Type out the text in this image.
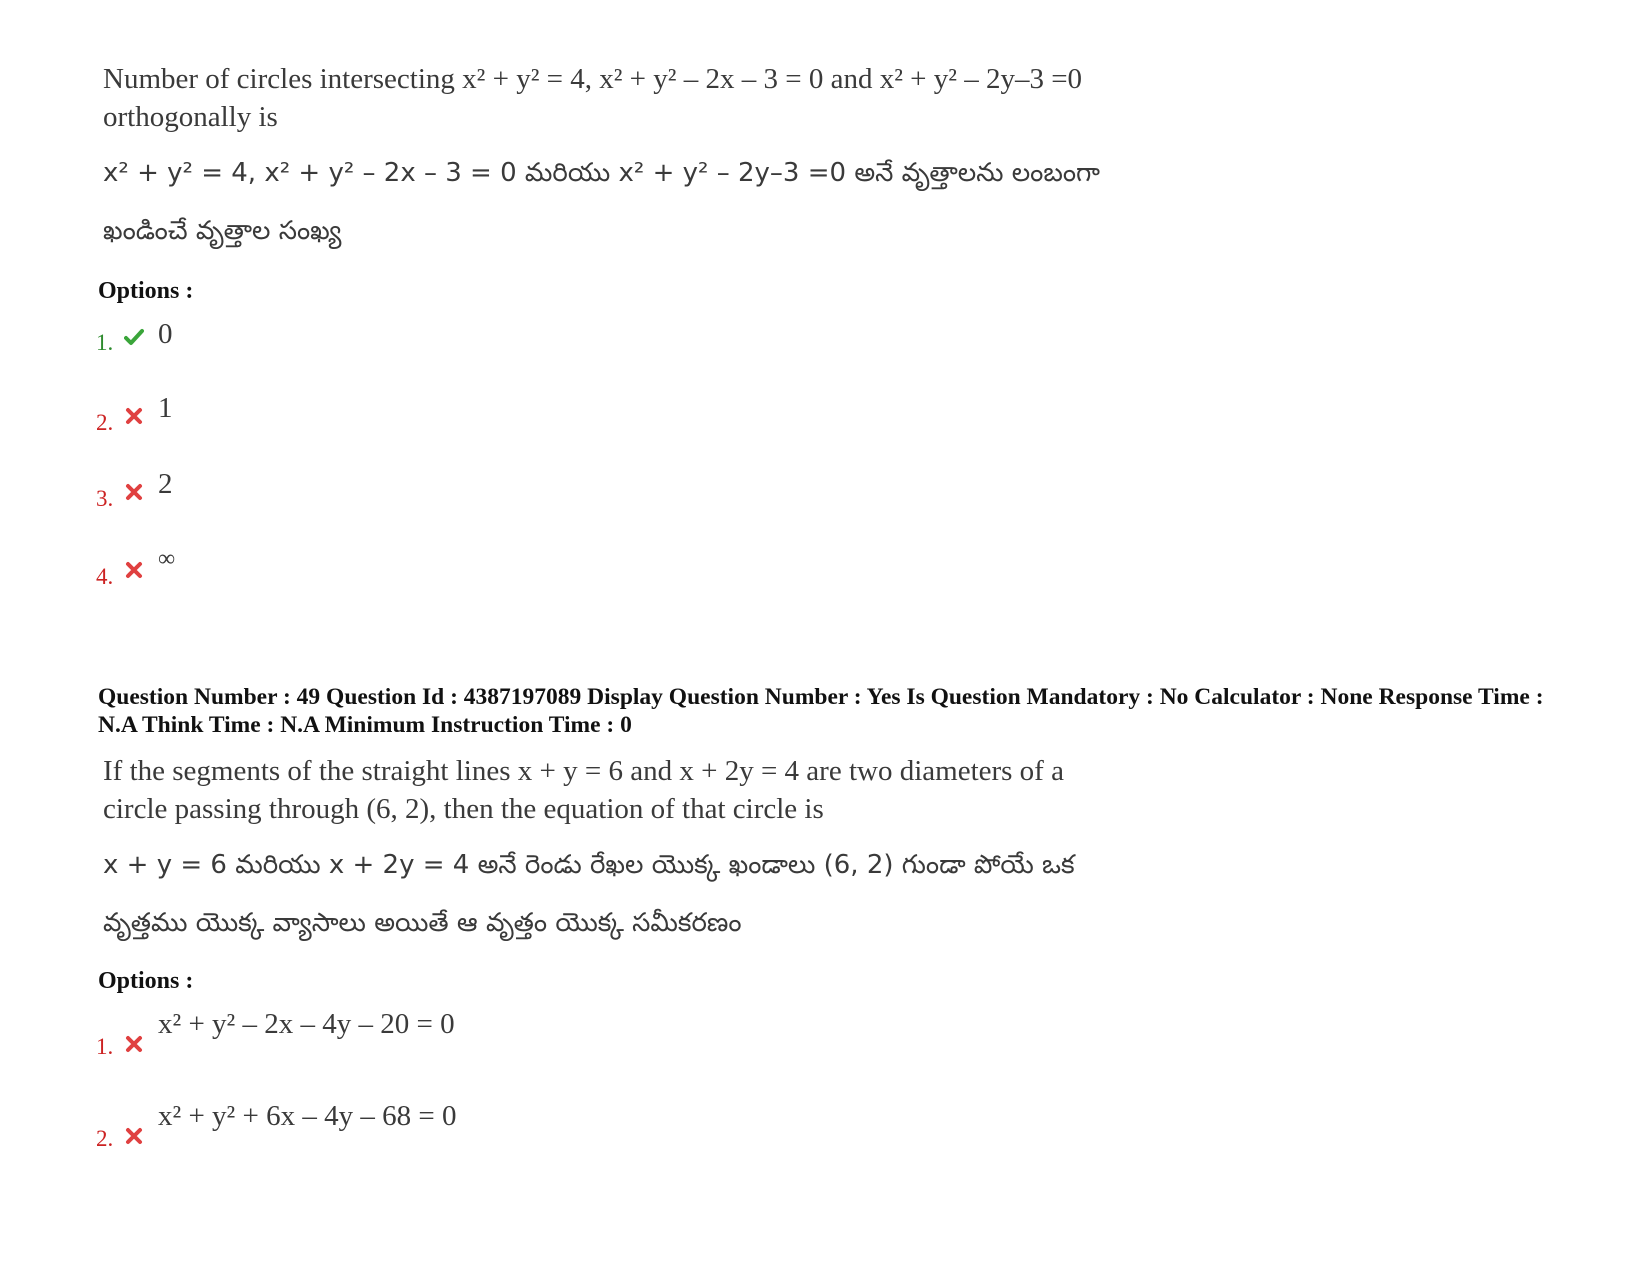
Number of circles intersecting x² + y² = 4, x² + y² – 2x – 3 = 0 and x² + y² – 2y–3 =0
orthogonally is
x² + y² = 4, x² + y² – 2x – 3 = 0 మరియు x² + y² – 2y–3 =0 అనే వృత్తాలను లంబంగా
ఖండించే వృత్తాల సంఖ్య
Options :
1. 0
2. 1
3. 2
4.
∞
Question Number : 49 Question Id : 4387197089 Display Question Number : Yes Is Question Mandatory : No Calculator : None Response Time : N.A Think Time : N.A Minimum Instruction Time : 0
If the segments of the straight lines x + y = 6 and x + 2y = 4 are two diameters of a
circle passing through (6, 2), then the equation of that circle is
x + y = 6 మరియు x + 2y = 4 అనే రెండు రేఖల యొక్క ఖండాలు (6, 2) గుండా పోయే ఒక
వృత్తము యొక్క వ్యాసాలు అయితే ఆ వృత్తం యొక్క సమీకరణం
Options :
1.
x² + y² – 2x – 4y – 20 = 0
2.
x² + y² + 6x – 4y – 68 = 0
